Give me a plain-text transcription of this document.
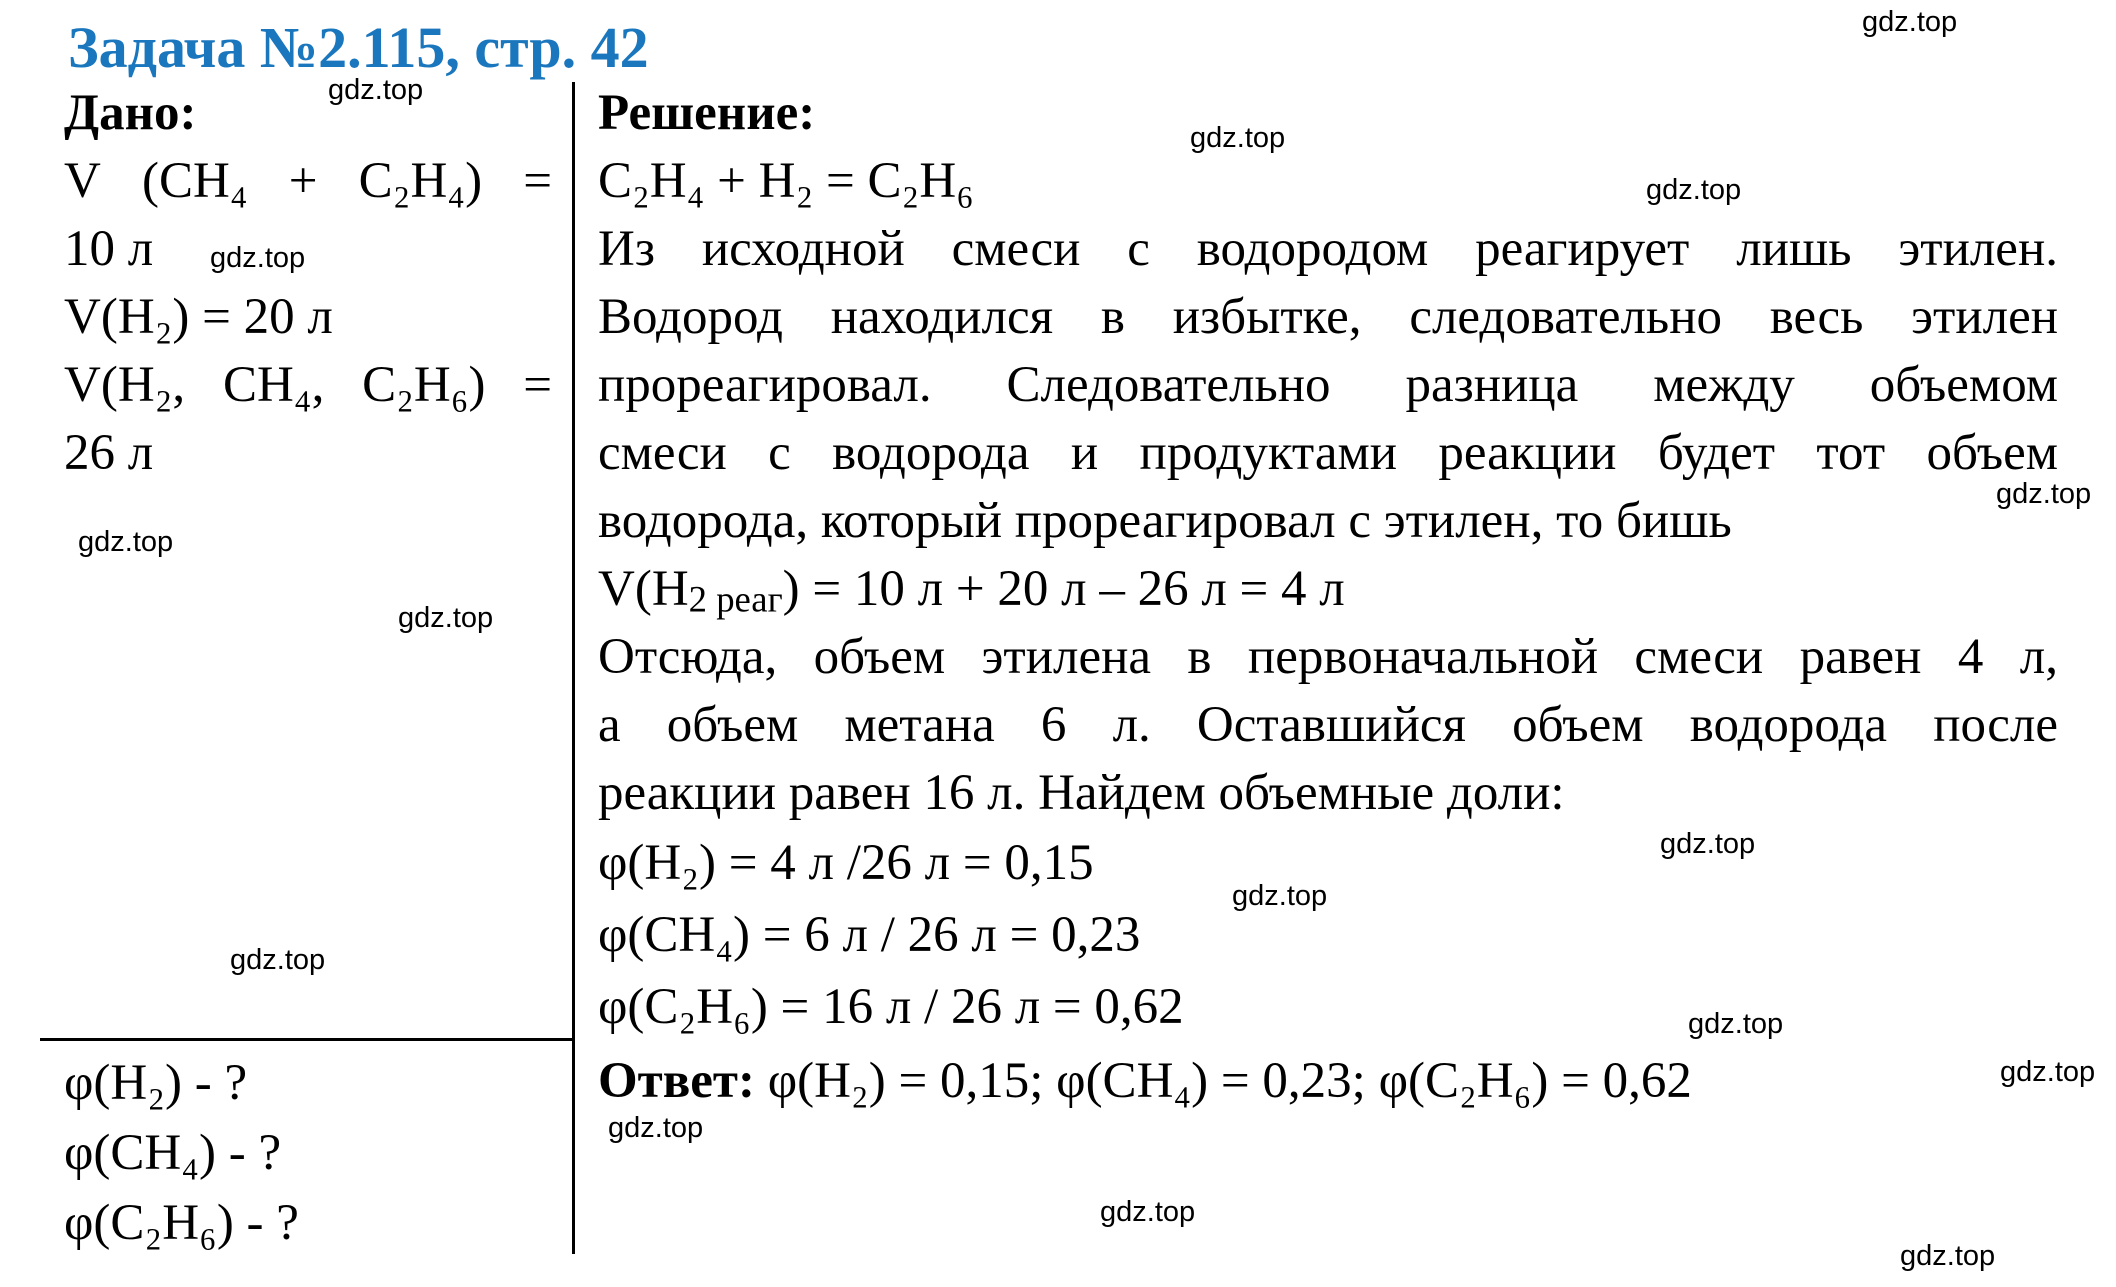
Задача №2.115, стр. 42
Дано:
V (CH₄ + C₂H₄) =
10 л
V(H₂) = 20 л
V(H₂, CH₄, C₂H₆) =
26 л
φ(H₂) - ?
φ(CH₄) - ?
φ(C₂H₆) - ?
Решение:
C₂H₄ + H₂ = C₂H₆
Из исходной смеси с водородом реагирует лишь этилен.
Водород находился в избытке, следовательно весь этилен
прореагировал. Следовательно разница между объемом
смеси с водорода и продуктами реакции будет тот объем
водорода, который прореагировал с этилен, то бишь
$V(H_{2 реаг}) = 10$ л + 20 л – 26 л = 4 л
Отсюда, объем этилена в первоначальной смеси равен 4 л,
а объем метана 6 л. Оставшийся объем водорода после
реакции равен 16 л. Найдем объемные доли:
φ(H₂) = 4 л /26 л = 0,15
φ(CH₄) = 6 л / 26 л = 0,23
φ(C₂H₆) = 16 л / 26 л = 0,62
Ответ: φ(H₂) = 0,15; φ(CH₄) = 0,23; φ(C₂H₆) = 0,62
gdz.top
gdz.top
gdz.top
gdz.top
gdz.top
gdz.top
gdz.top
gdz.top
gdz.top
gdz.top
gdz.top
gdz.top
gdz.top
gdz.top
gdz.top
gdz.top
